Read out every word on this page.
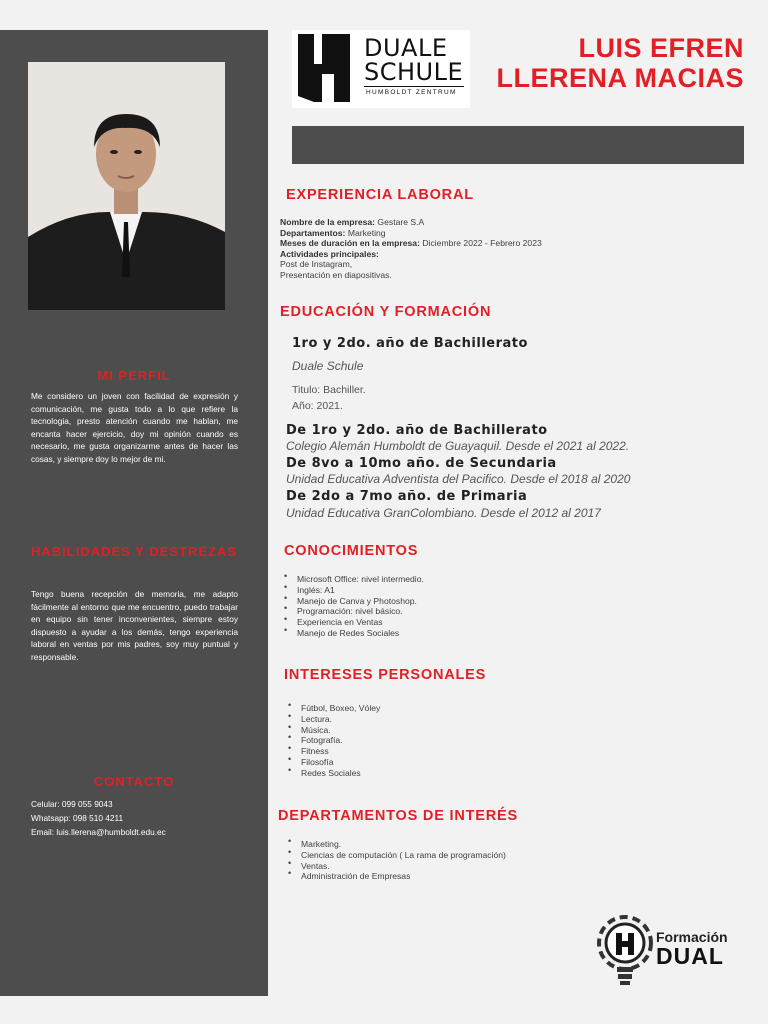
MI PERFIL
Me considero un joven con facilidad de expresión y comunicación, me gusta todo a lo que refiere la tecnologia, presto atención cuando me hablan, me encanta hacer ejercicio, doy mi opinión cuando es necesario, me gusta organizarme antes de hacer las cosas, y siempre doy lo mejor de mi.
HABILIDADES Y DESTREZAS
Tengo buena recepción de memoria, me adapto fácilmente al entorno que me encuentro, puedo trabajar en equipo sin tener inconvenientes, siempre estoy dispuesto a ayudar a los demás, tengo experiencia laboral en ventas por mis padres, soy muy puntual y responsable.
CONTACTO
Celular: 099 055 9043
Whatsapp: 098 510 4211
Email: luis.llerena@humboldt.edu.ec
DUALE
SCHULE
HUMBOLDT ZENTRUM
LUIS EFREN
LLERENA MACIAS
EXPERIENCIA LABORAL
Nombre de la empresa: Gestare S.A
Departamentos: Marketing
Meses de duración en la empresa: Diciembre 2022 - Febrero 2023
Actividades principales:
Post de Instagram,
Presentación en diapositivas.
EDUCACIÓN Y FORMACIÓN
1ro y 2do. año de Bachillerato
Duale Schule
Titulo: Bachiller.
Año: 2021.
De 1ro y 2do. año de Bachillerato
Colegio Alemán Humboldt de Guayaquil. Desde el 2021 al 2022.
De 8vo a 10mo año. de Secundaria
Unidad Educativa Adventista del Pacifico. Desde el 2018 al 2020
De 2do a 7mo año. de Primaria
Unidad Educativa GranColombiano. Desde el 2012 al 2017
CONOCIMIENTOS
• Microsoft Office: nivel intermedio.
• Inglés: A1
• Manejo de Canva y Photoshop.
• Programación: nivel básico.
• Experiencia en Ventas
• Manejo de Redes Sociales
INTERESES PERSONALES
• Fútbol, Boxeo, Vóley
• Lectura.
• Música.
• Fotografía.
• Fitness
• Filosofía
• Redes Sociales
DEPARTAMENTOS DE INTERÉS
• Marketing.
• Ciencias de computación ( La rama de programación)
• Ventas.
• Administración de Empresas
Formación
DUAL
